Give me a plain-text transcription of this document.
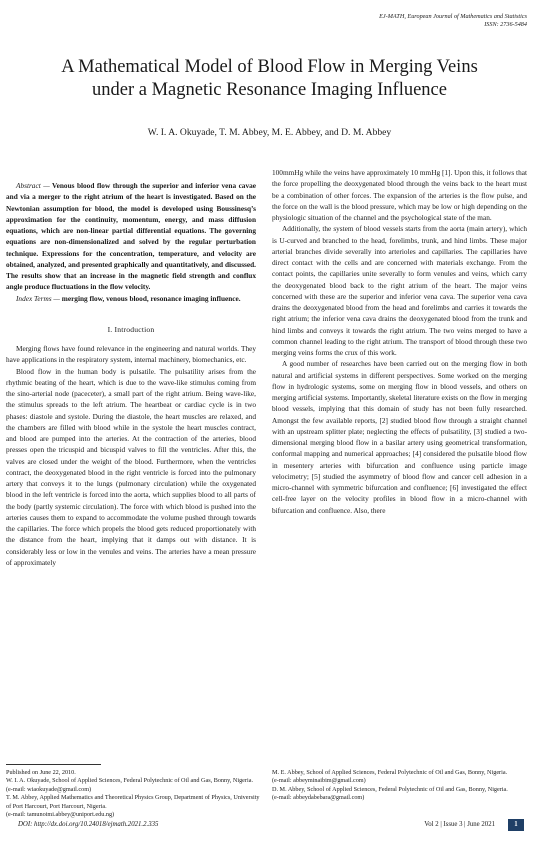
EJ-MATH, European Journal of Mathematics and Statistics
ISSN: 2736-5484
A Mathematical Model of Blood Flow in Merging Veins
under a Magnetic Resonance Imaging Influence
W. I. A. Okuyade, T. M. Abbey, M. E. Abbey, and D. M. Abbey

Abstract — Venous blood flow through the superior and inferior vena cavae and via a merger to the right atrium of the heart is investigated. Based on the Newtonian assumption for blood, the model is developed using Boussinesq’s approximation for the continuity, momentum, energy, and mass diffusion equations, which are non-linear partial differential equations. The governing equations are non-dimensionalized and solved by the regular perturbation technique. Expressions for the concentration, temperature, and velocity are obtained, analyzed, and presented graphically and quantitatively, and discussed. The results show that an increase in the magnetic field strength and conflux angle produce fluctuations in the flow velocity.

Index Terms — merging flow, venous blood, resonance imaging influence.

I. Introduction

Merging flows have found relevance in the engineering and natural worlds. They have applications in the respiratory system, internal machinery, biomechanics, etc.

Blood flow in the human body is pulsatile. The pulsatility arises from the rhythmic beating of the heart, which is due to the wave-like stimulus coming from the sino-arterial node (paceceter), a small part of the right atrium. Being wave-like, the stimulus spreads to the left atrium. The heartbeat or cardiac cycle is in two phases: diastole and systole. During the diastole, the heart muscles are relaxed, and the chambers are filled with blood while in the systole the heart muscles contract, and blood are pumped into the arteries. At the contraction of the arteries, blood presses open the tricuspid and bicuspid valves to fill the ventricles. After this, the valves are closed under the weight of the blood. Furthermore, when the ventricles contract, the deoxygenated blood in the right ventricle is forced into the pulmonary artery that conveys it to the lungs (pulmonary circulation) while the oxygenated blood in the left ventricle is forced into the aorta, which supplies blood to all parts of the body (partly systemic circulation). The force with which blood is pushed into the arteries causes them to expand to accommodate the volume pushed through towards the capillaries. The force which propels the blood gets reduced proportionately with the distance from the heart, implying that it damps out with distance. It is considerably less or low in the venules and veins. The arteries have a mean pressure of approximately

100mmHg while the veins have approximately 10 mmHg [1]. Upon this, it follows that the force propelling the deoxygenated blood through the veins back to the heart must be a combination of other forces. The expansion of the arteries is the flow pulse, and the force on the wall is the blood pressure, which may be low or high depending on the physiologic situation of the channel and the psychological state of the man.

Additionally, the system of blood vessels starts from the aorta (main artery), which is U-curved and branched to the head, forelimbs, trunk, and hind limbs. These major arterial branches divide severally into arterioles and capillaries. The capillaries have direct contact with the cells and are concerned with materials exchange. From the contact points, the capillaries unite severally to form venules and veins, which carry the deoxygenated blood back to the right atrium of the heart. The major veins concerned with these are the superior and inferior vena cava. The superior vena cava drains the deoxygenated blood from the head and forelimbs and carries it towards the right atrium; the inferior vena cava drains the deoxygenated blood from the trunk and hind limbs and conveys it towards the right atrium. The two veins merged to have a common channel leading to the right atrium. The transport of blood through these two merging veins forms the crux of this work.

A good number of researches have been carried out on the merging flow in both natural and artificial systems in different perspectives. Some worked on the merging flow in hydrologic systems, some on merging flow in blood vessels, and others on merging artificial systems. Importantly, skeletal literature exists on the flow in merging blood vessels, implying that this domain of study has not been fully researched. Amongst the few available reports, [2] studied blood flow through a straight channel with an upstream splitter plate; neglecting the effects of pulsatility, [3] studied a two-dimensional merging blood flow in a basilar artery using geometrical transformation, conformal mapping and numerical approaches; [4] considered the pulsatile blood flow in mesentery arteries with bifurcation and confluence using particle image velocimetry; [5] studied the asymmetry of blood flow and cancer cell adhesion in a micro-channel with symmetric bifurcation and confluence; [6] investigated the effect cell-free layer on the velocity profiles in blood flow in a micro-channel with bifurcation and confluence. Also, there

Published on June 22, 2010.

W. I. A. Okuyade, School of Applied Sciences, Federal Polytechnic of Oil and Gas, Bonny, Nigeria.

(e-mail: wiaokuyade@gmail.com)

T. M. Abbey, Applied Mathematics and Theoretical Physics Group, Department of Physics, University of Port Harcourt, Port Harcourt, Nigeria.

(e-mail: tamunoimi.abbey@uniport.edu.ng)

M. E. Abbey, School of Applied Sciences, Federal Polytechnic of Oil and Gas, Bonny, Nigeria.

(e-mail: abbeyminaibim@gmail.com)

D. M. Abbey, School of Applied Sciences, Federal Polytechnic of Oil and Gas, Bonny, Nigeria.

(e-mail: abbeydabebara@gmail.com)

DOI: http://dx.doi.org/10.24018/ejmath.2021.2.335	Vol 2 | Issue 3 | June 2021	1
